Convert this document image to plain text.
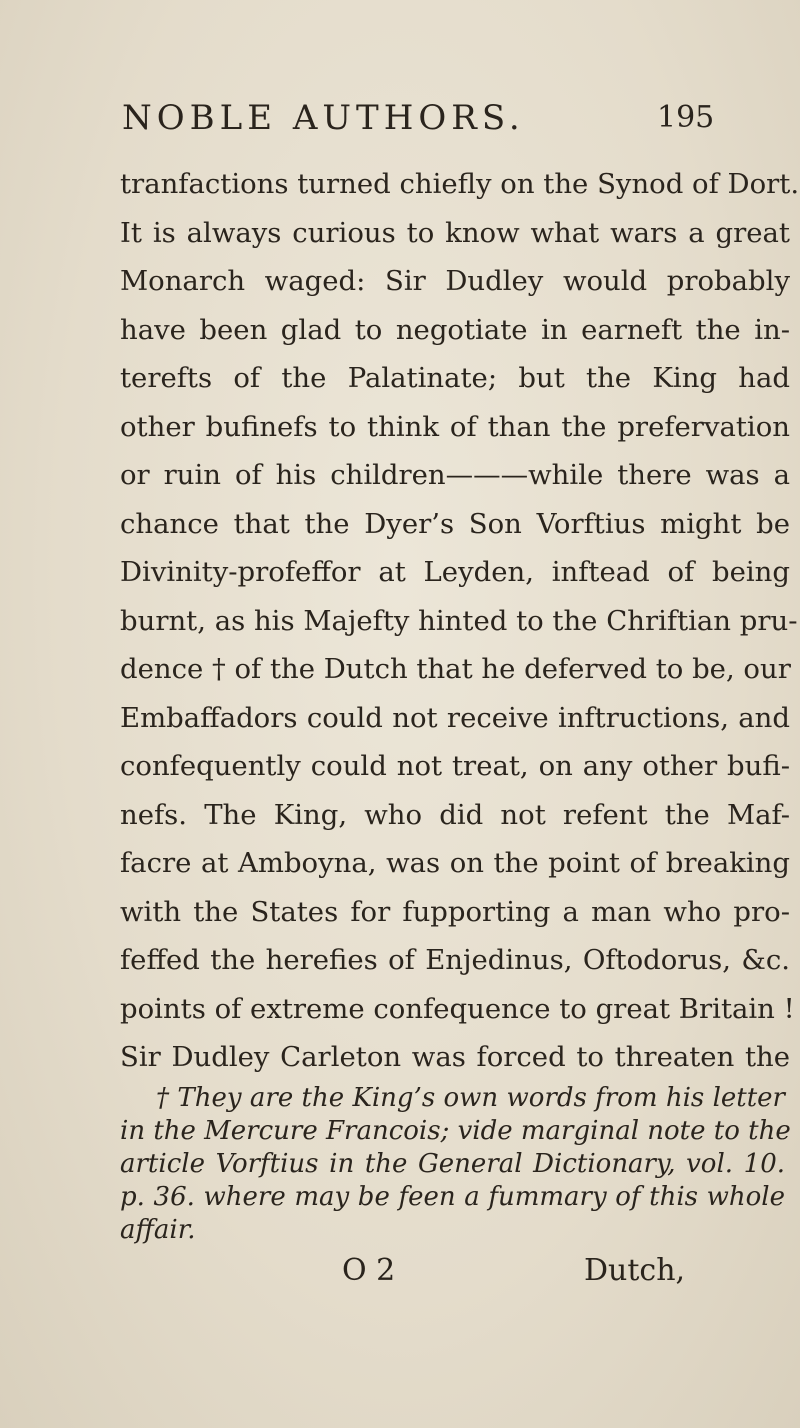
NOBLE AUTHORS.	195
tranfactions turned chiefly on the Synod of Dort.
It is always curious to know what wars a great
Monarch waged: Sir Dudley would probably
have been glad to negotiate in earneft the in-
terefts of the Palatinate; but the King had
other bufinefs to think of than the prefervation
or ruin of his children———while there was a
chance that the Dyer’s Son Vorftius might be
Divinity-profeffor at Leyden, inftead of being
burnt, as his Majefty hinted to the Chriftian pru-
dence † of the Dutch that he deferved to be, our
Embaffadors could not receive inftructions, and
confequently could not treat, on any other bufi-
nefs. The King, who did not refent the Maf-
facre at Amboyna, was on the point of breaking
with the States for fupporting a man who pro-
feffed the herefies of Enjedinus, Oftodorus, &c.
points of extreme confequence to great Britain !
Sir Dudley Carleton was forced to threaten the
† They are the King’s own words from his letter
in the Mercure Francois; vide marginal note to the
article Vorftius in the General Dictionary, vol. 10.
p. 36. where may be feen a fummary of this whole
affair.
O 2	Dutch,
